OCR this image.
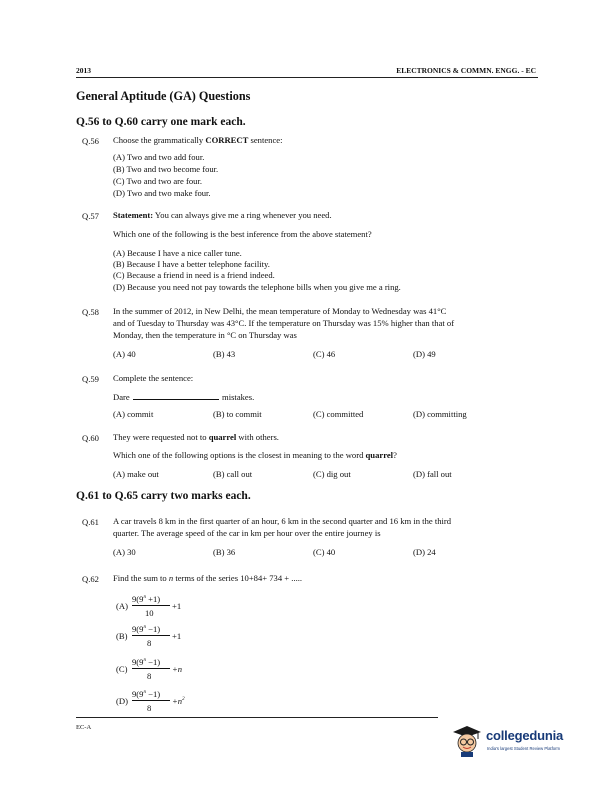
2013	ELECTRONICS & COMMN. ENGG. - EC
General Aptitude (GA) Questions
Q.56 to Q.60 carry one mark each.
Q.56 Choose the grammatically CORRECT sentence:
(A) Two and two add four.
(B) Two and two become four.
(C) Two and two are four.
(D) Two and two make four.
Q.57 Statement: You can always give me a ring whenever you need.
Which one of the following is the best inference from the above statement?
(A) Because I have a nice caller tune.
(B) Because I have a better telephone facility.
(C) Because a friend in need is a friend indeed.
(D) Because you need not pay towards the telephone bills when you give me a ring.
Q.58 In the summer of 2012, in New Delhi, the mean temperature of Monday to Wednesday was 41°C
and of Tuesday to Thursday was 43°C. If the temperature on Thursday was 15% higher than that of
Monday, then the temperature in °C on Thursday was
(A) 40	(B) 43	(C) 46	(D) 49
Q.59 Complete the sentence:
Dare	mistakes.
(A) commit	(B) to commit	(C) committed	(D) committing
Q.60 They were requested not to quarrel with others.
Which one of the following options is the closest in meaning to the word quarrel?
(A) make out	(B) call out	(C) dig out	(D) fall out
Q.61 to Q.65 carry two marks each.
Q.61 A car travels 8 km in the first quarter of an hour, 6 km in the second quarter and 16 km in the third
quarter. The average speed of the car in km per hour over the entire journey is
(A) 30	(B) 36	(C) 40	(D) 24
Q.62 Find the sum to n terms of the series 10+84+ 734 + .....
(A)
$9(9^n +1)$
10
+1
(B)
$9(9^n -1)$
8
+1
(C)
$9(9^n -1)$
8
+n
(D)
$9(9^n -1)$
8
$+n^2$
EC-A
collegedunia
India's largest Student Review Platform
